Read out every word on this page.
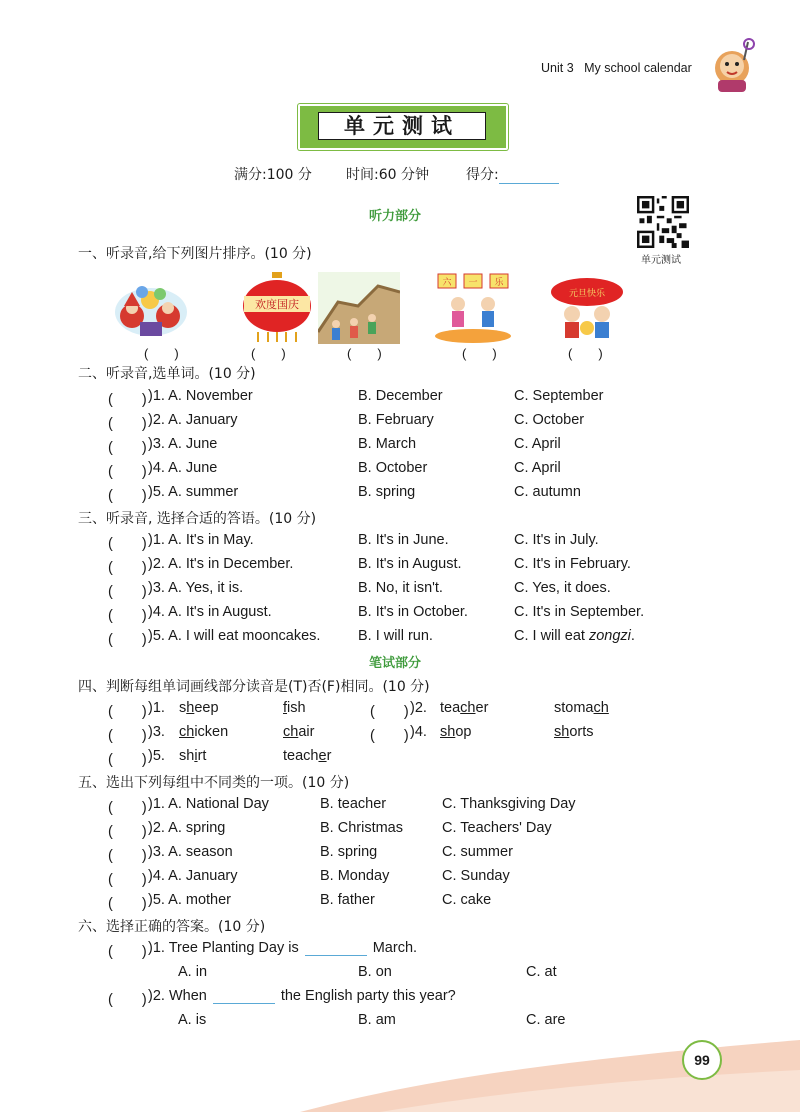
Unit 3 My school calendar
单元测试
满分:100 分 时间:60 分钟	得分:
单元测试
听力部分
一、听录音,给下列图片排序。(10 分)
欢度国庆
六 一 乐
元旦快乐
(　　)	(　　)	(　　)	(　　)	(　　)
二、听录音,选单词。(10 分)
(　　) )1. A. November	B. December	C. September
(　　) )2. A. January	B. February	C. October
(　　) )3. A. June	B. March	C. April
(　　) )4. A. June	B. October	C. April
(　　) )5. A. summer	B. spring	C. autumn
三、听录音, 选择合适的答语。(10 分)
(　　) )1. A. It's in May.	B. It's in June.	C. It's in July.
(　　) )2. A. It's in December.	B. It's in August.	C. It's in February.
(　　) )3. A. Yes, it is.	B. No, it isn't.	C. Yes, it does.
(　　) )4. A. It's in August.	B. It's in October.	C. It's in September.
(　　) )5. A. I will eat mooncakes.	B. I will run.	C. I will eat zongzi.
笔试部分
四、判断每组单词画线部分读音是(T)否(F)相同。(10 分)
(　　) )1. sheep	fish	(　　) )2. teacher	stomach
(　　) )3. chicken	chair	(　　) )4. shop	shorts
(　　) )5. shirt	teacher
五、选出下列每组中不同类的一项。(10 分)
(　　) )1. A. National Day	B. teacher	C. Thanksgiving Day
(　　) )2. A. spring	B. Christmas	C. Teachers' Day
(　　) )3. A. season	B. spring	C. summer
(　　) )4. A. January	B. Monday	C. Sunday
(　　) )5. A. mother	B. father	C. cake
六、选择正确的答案。(10 分)
(　　) )1. Tree Planting Day is	March.
A. in	B. on	C. at
(　　) )2. When	the English party this year?
A. is	B. am	C. are
99
